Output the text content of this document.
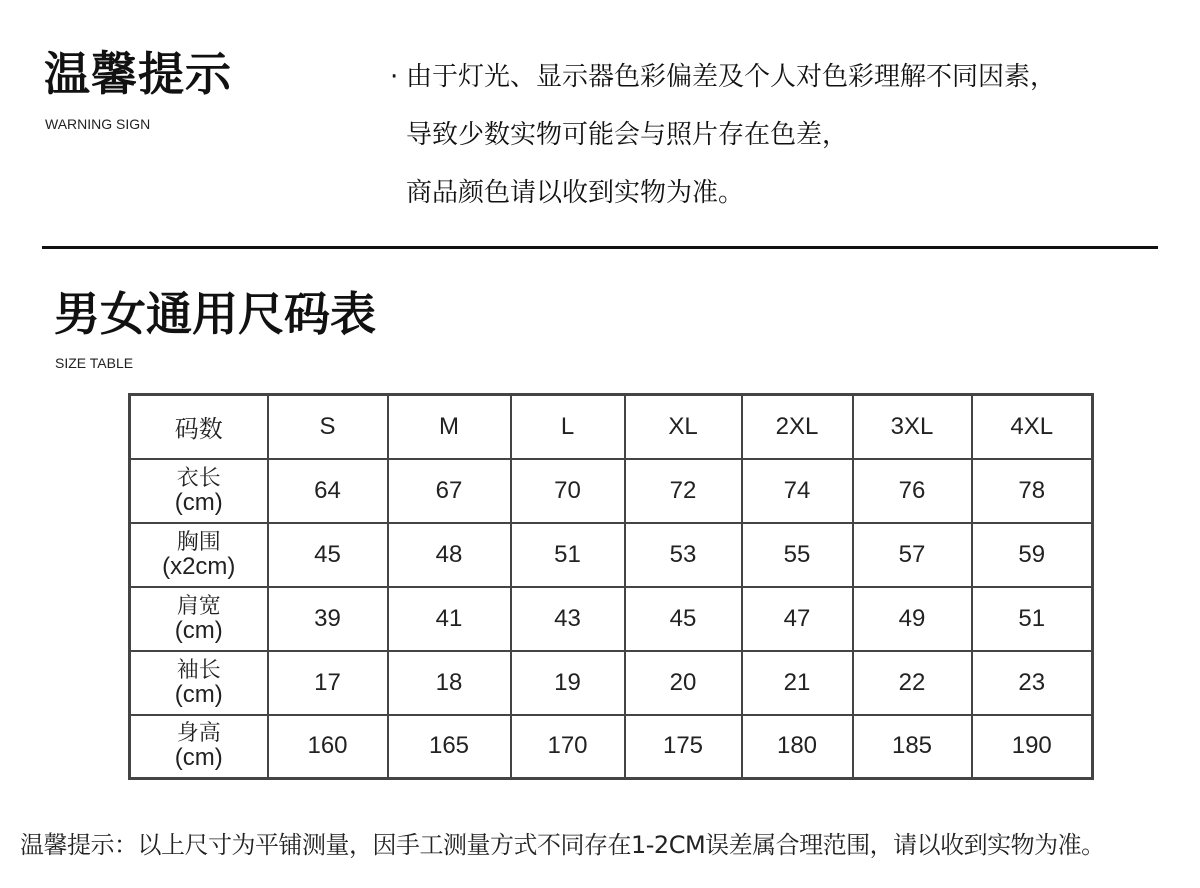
温馨提示
WARNING SIGN
· 由于灯光、显示器色彩偏差及个人对色彩理解不同因素，
导致少数实物可能会与照片存在色差，
商品颜色请以收到实物为准。
男女通用尺码表
SIZE TABLE
码数	S	M	L	XL	2XL	3XL	4XL

衣长
(cm)	64	67	70	72	74	76	78

胸围
(x2cm)	45	48	51	53	55	57	59

肩宽
(cm)	39	41	43	45	47	49	51

袖长
(cm)	17	18	19	20	21	22	23

身高
(cm)	160	165	170	175	180	185	190
温馨提示：以上尺寸为平铺测量，因手工测量方式不同存在1-2CM误差属合理范围，请以收到实物为准。
